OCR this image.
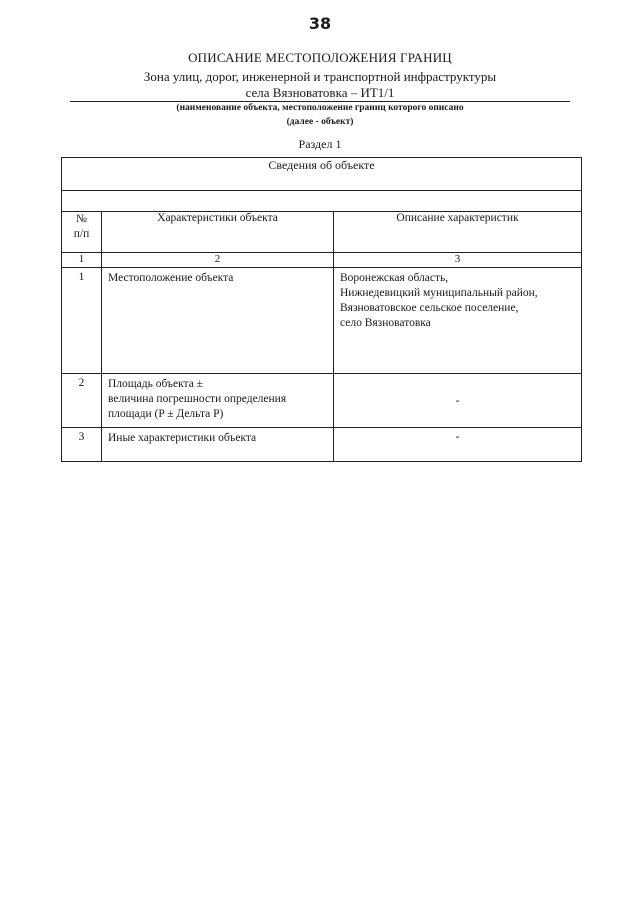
38
ОПИСАНИЕ МЕСТОПОЛОЖЕНИЯ ГРАНИЦ
Зона улиц, дорог, инженерной и транспортной инфраструктуры
села Вязноватовка – ИТ1/1
(наименование объекта, местоположение границ которого описано
(далее - объект)
Раздел 1
Сведения об объекте		

№
п/п	Характеристики объекта	Описание характеристик
1	2	3
1	Местоположение объекта	Воронежская область,
Нижнедевицкий муниципальный район,
Вязноватовское сельское поселение,
село Вязноватовка

2	Площадь объекта ±
величина погрешности определения
площади (P ± Дельта P)	-
3	Иные характеристики объекта	-
